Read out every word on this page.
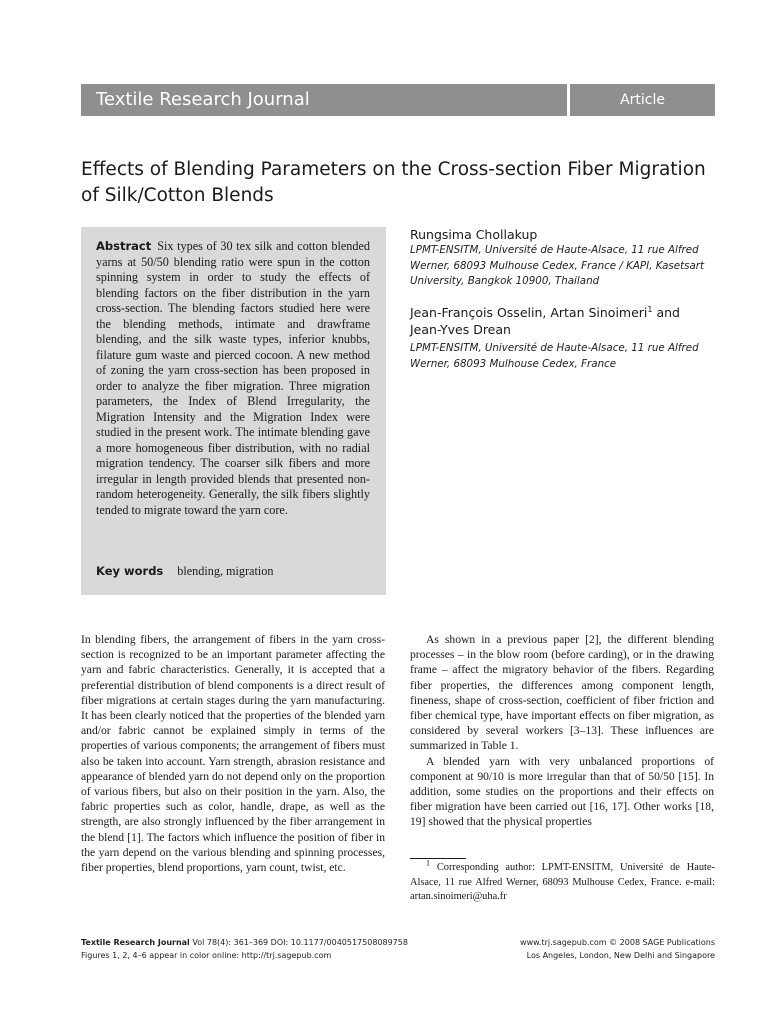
Textile Research Journal	Article
Effects of Blending Parameters on the Cross-section Fiber Migration of Silk/Cotton Blends
Abstract Six types of 30 tex silk and cotton blended yarns at 50/50 blending ratio were spun in the cotton spinning system in order to study the effects of blending factors on the fiber distribution in the yarn cross-section. The blending factors studied here were the blending methods, intimate and drawframe blending, and the silk waste types, inferior knubbs, filature gum waste and pierced cocoon. A new method of zoning the yarn cross-section has been proposed in order to analyze the fiber migration. Three migration parameters, the Index of Blend Irregularity, the Migration Intensity and the Migration Index were studied in the present work. The intimate blending gave a more homogeneous fiber distribution, with no radial migration tendency. The coarser silk fibers and more irregular in length provided blends that presented non-random heterogeneity. Generally, the silk fibers slightly tended to migrate toward the yarn core.
Key words blending, migration
Rungsima Chollakup
LPMT-ENSITM, Université de Haute-Alsace, 11 rue Alfred Werner, 68093 Mulhouse Cedex, France / KAPI, Kasetsart University, Bangkok 10900, Thailand
Jean-François Osselin, Artan Sinoimeri$^1$ and Jean-Yves Drean
LPMT-ENSITM, Université de Haute-Alsace, 11 rue Alfred Werner, 68093 Mulhouse Cedex, France

In blending fibers, the arrangement of fibers in the yarn cross-section is recognized to be an important parameter affecting the yarn and fabric characteristics. Generally, it is accepted that a preferential distribution of blend components is a direct result of fiber migrations at certain stages during the yarn manufacturing. It has been clearly noticed that the properties of the blended yarn and/or fabric cannot be explained simply in terms of the properties of various components; the arrangement of fibers must also be taken into account. Yarn strength, abrasion resistance and appearance of blended yarn do not depend only on the proportion of various fibers, but also on their position in the yarn. Also, the fabric properties such as color, handle, drape, as well as the strength, are also strongly influenced by the fiber arrangement in the blend [1]. The factors which influence the position of fiber in the yarn depend on the various blending and spinning processes, fiber properties, blend proportions, yarn count, twist, etc.

As shown in a previous paper [2], the different blending processes – in the blow room (before carding), or in the drawing frame – affect the migratory behavior of the fibers. Regarding fiber properties, the differences among component length, fineness, shape of cross-section, coefficient of fiber friction and fiber chemical type, have important effects on fiber migration, as considered by several workers [3–13]. These influences are summarized in Table 1.

A blended yarn with very unbalanced proportions of component at 90/10 is more irregular than that of 50/50 [15]. In addition, some studies on the proportions and their effects on fiber migration have been carried out [16, 17]. Other works [18, 19] showed that the physical properties

$^1$ Corresponding author: LPMT-ENSITM, Université de Haute-Alsace, 11 rue Alfred Werner, 68093 Mulhouse Cedex, France. e-mail: artan.sinoimeri@uha.fr
Textile Research Journal Vol 78(4): 361–369 DOI: 10.1177/0040517508089758
Figures 1, 2, 4–6 appear in color online: http://trj.sagepub.com
www.trj.sagepub.com © 2008 SAGE Publications
Los Angeles, London, New Delhi and Singapore
